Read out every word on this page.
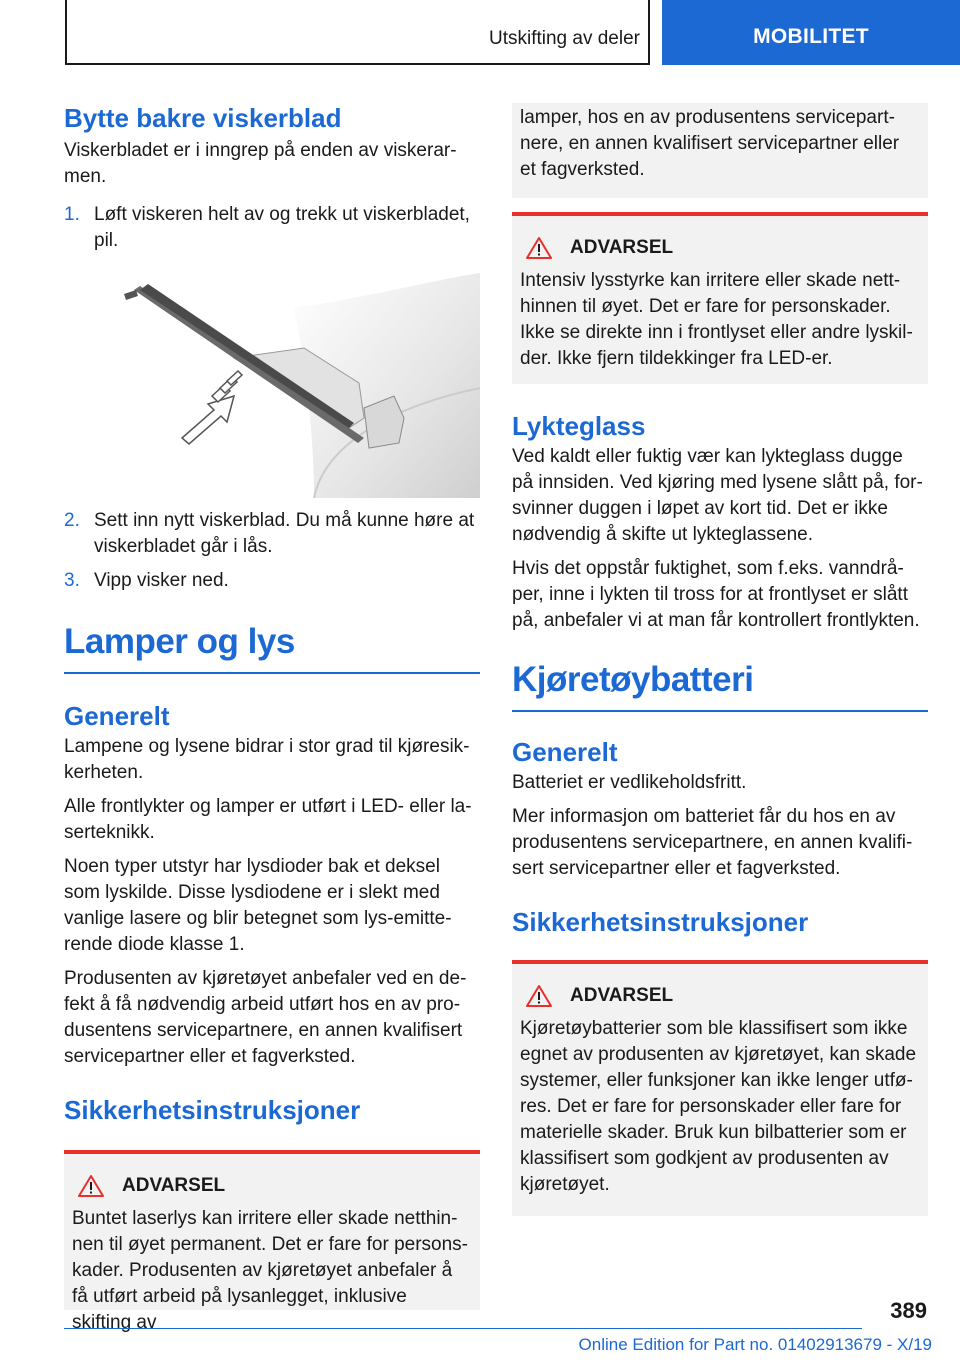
Utskifting av deler	MOBILITET
Bytte bakre viskerblad

Viskerbladet er i inngrep på enden av viskerar-
men.

1. Løft viskeren helt av og trekk ut viskerbladet, pil.
2. Sett inn nytt viskerblad. Du må kunne høre at viskerbladet går i lås.
3. Vipp visker ned.
Lamper og lys
Generelt

Lampene og lysene bidrar i stor grad til kjøresik-kerheten.

Alle frontlykter og lamper er utført i LED- eller la-serteknikk.

Noen typer utstyr har lysdioder bak et deksel som lyskilde. Disse lysdiodene er i slekt med vanlige lasere og blir betegnet som lys-emitte-rende diode klasse 1.

Produsenten av kjøretøyet anbefaler ved en de-fekt å få nødvendig arbeid utført hos en av pro-dusentens servicepartnere, en annen kvalifisert servicepartner eller et fagverksted.

Sikkerhetsinstruksjoner
ADVARSEL

Buntet laserlys kan irritere eller skade netthin-nen til øyet permanent. Det er fare for persons-kader. Produsenten av kjøretøyet anbefaler å få utført arbeid på lysanlegget, inklusive skifting av

lamper, hos en av produsentens servicepart-nere, en annen kvalifisert servicepartner eller et fagverksted.

ADVARSEL

Intensiv lysstyrke kan irritere eller skade nett-hinnen til øyet. Det er fare for personskader. Ikke se direkte inn i frontlyset eller andre lyskil-der. Ikke fjern tildekkinger fra LED-er.

Lykteglass

Ved kaldt eller fuktig vær kan lykteglass dugge på innsiden. Ved kjøring med lysene slått på, for-svinner duggen i løpet av kort tid. Det er ikke nødvendig å skifte ut lykteglassene.

Hvis det oppstår fuktighet, som f.eks. vanndrå-per, inne i lykten til tross for at frontlyset er slått på, anbefaler vi at man får kontrollert frontlykten.

Kjøretøybatteri
Generelt

Batteriet er vedlikeholdsfritt.

Mer informasjon om batteriet får du hos en av produsentens servicepartnere, en annen kvalifi-sert servicepartner eller et fagverksted.

Sikkerhetsinstruksjoner
ADVARSEL

Kjøretøybatterier som ble klassifisert som ikke egnet av produsenten av kjøretøyet, kan skade systemer, eller funksjoner kan ikke lenger utfø-res. Det er fare for personskader eller fare for materielle skader. Bruk kun bilbatterier som er klassifisert som godkjent av produsenten av kjøretøyet.

389
Online Edition for Part no. 01402913679 - X/19
